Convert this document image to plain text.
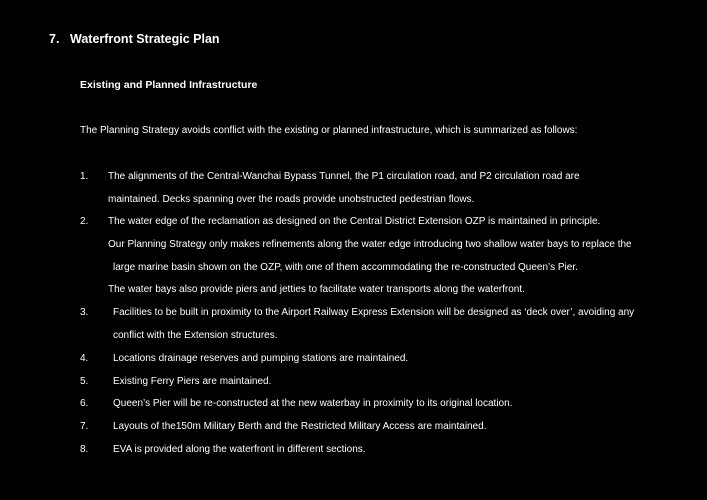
7. Waterfront Strategic Plan
Existing and Planned Infrastructure
The Planning Strategy avoids conflict with the existing or planned infrastructure, which is summarized as follows:
1. The alignments of the Central-Wanchai Bypass Tunnel, the P1 circulation road, and P2 circulation road are
maintained. Decks spanning over the roads provide unobstructed pedestrian flows.
2. The water edge of the reclamation as designed on the Central District Extension OZP is maintained in principle.
Our Planning Strategy only makes refinements along the water edge introducing two shallow water bays to replace the
large marine basin shown on the OZP, with one of them accommodating the re-constructed Queen’s Pier.
The water bays also provide piers and jetties to facilitate water transports along the waterfront.
3. Facilities to be built in proximity to the Airport Railway Express Extension will be designed as ‘deck over’, avoiding any
conflict with the Extension structures.
4. Locations drainage reserves and pumping stations are maintained.
5. Existing Ferry Piers are maintained.
6. Queen’s Pier will be re-constructed at the new waterbay in proximity to its original location.
7. Layouts of the150m Military Berth and the Restricted Military Access are maintained.
8. EVA is provided along the waterfront in different sections.
